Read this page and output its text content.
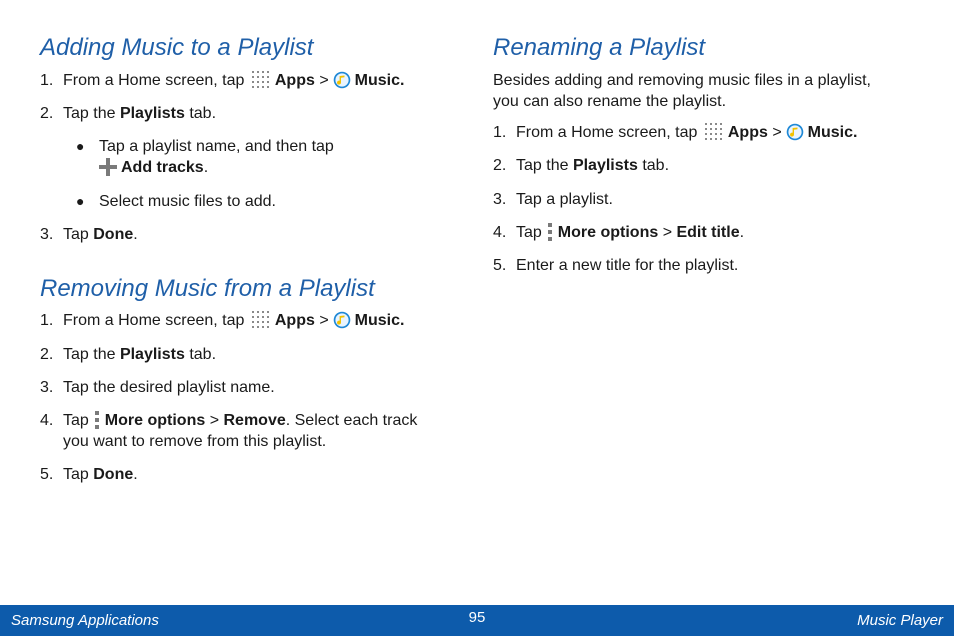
Adding Music to a Playlist
1. From a Home screen, tap Apps > Music.
2. Tap the Playlists tab.
● Tap a playlist name, and then tap
Add tracks.
● Select music files to add.
3. Tap Done.
Removing Music from a Playlist
1. From a Home screen, tap Apps > Music.
2. Tap the Playlists tab.
3. Tap the desired playlist name.
4. Tap More options > Remove. Select each track
you want to remove from this playlist.
5. Tap Done.
Renaming a Playlist
Besides adding and removing music files in a playlist,
you can also rename the playlist.
1. From a Home screen, tap Apps > Music.
2. Tap the Playlists tab.
3. Tap a playlist.
4. Tap More options > Edit title.
5. Enter a new title for the playlist.
Samsung Applications	95	Music Player
